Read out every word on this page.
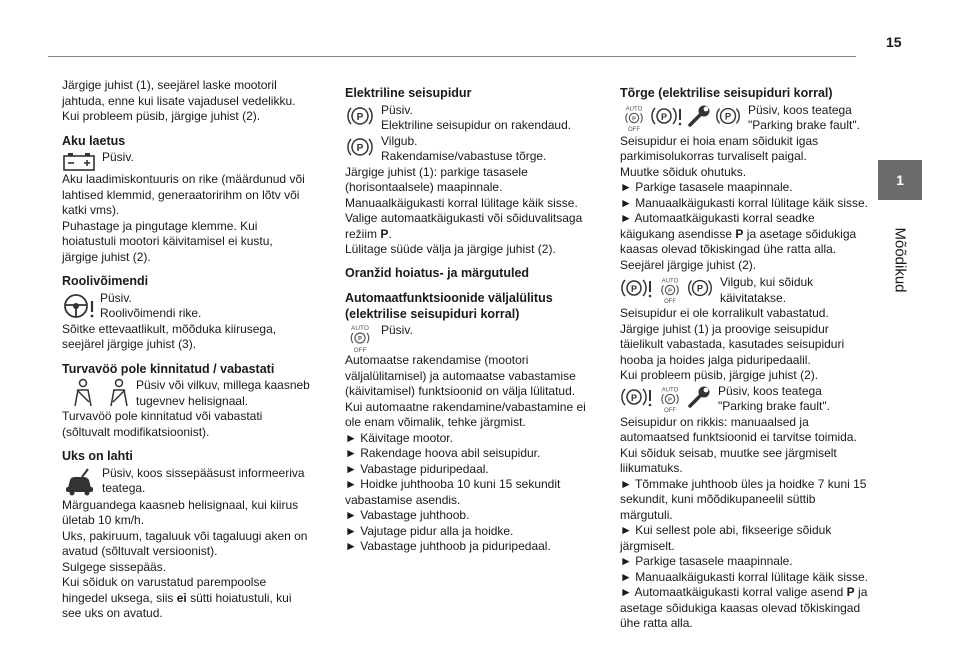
15
1
Mõõdikud

Järgige juhist (1), seejärel laske mootoril jahtuda, enne kui lisate vajadusel vedelikku. Kui probleem püsib, järgige juhist (2).

Aku laetus

Püsiv.

Aku laadimiskontuuris on rike (määrdunud või lahtised klemmid, generaatoririhm on lõtv või katki vms).

Puhastage ja pingutage klemme. Kui hoiatustuli mootori käivitamisel ei kustu, järgige juhist (2).

Roolivõimendi

Püsiv.

Roolivõimendi rike.

Sõitke ettevaatlikult, mõõduka kiirusega, seejärel järgige juhist (3).

Turvavöö pole kinnitatud / vabastati

Püsiv või vilkuv, millega kaasneb tugevnev helisignaal.

Turvavöö pole kinnitatud või vabastati (sõltuvalt modifikatsioonist).

Uks on lahti

Püsiv, koos sissepääsust informeeriva teatega.

Märguandega kaasneb helisignaal, kui kiirus ületab 10 km/h.

Uks, pakiruum, tagaluuk või tagaluugi aken on avatud (sõltuvalt versioonist).

Sulgege sissepääs.

Kui sõiduk on varustatud parempoolse hingedel uksega, siis ei sütti hoiatustuli, kui see uks on avatud.

Elektriline seisupidur
P

Püsiv.

Elektriline seisupidur on rakendaud.

P

Vilgub.

Rakendamise/vabastuse tõrge.

Järgige juhist (1): parkige tasasele (horisontaalsele) maapinnale.

Manuaalkäigukasti korral lülitage käik sisse. Valige automaatkäigukasti või sõiduvalitsaga režiim P.

Lülitage süüde välja ja järgige juhist (2).

Oranžid hoiatus- ja märgutuled
Automaatfunktsioonide väljalülitus (elektrilise seisupiduri korral)
AUTO
P
OFF

Püsiv.

Automaatse rakendamise (mootori väljalülitamisel) ja automaatse vabastamise (käivitamisel) funktsioonid on välja lülitatud.

Kui automaatne rakendamine/vabastamine ei ole enam võimalik, tehke järgmist.

► Käivitage mootor.
► Rakendage hoova abil seisupidur.
► Vabastage piduripedaal.
► Hoidke juhthooba 10 kuni 15 sekundit vabastamise asendis.
► Vabastage juhthoob.
► Vajutage pidur alla ja hoidke.
► Vabastage juhthoob ja piduripedaal.
Tõrge (elektrilise seisupiduri korral)
AUTO
P
OFF
P	P Püsiv, koos teatega "Parking brake fault".

Seisupidur ei hoia enam sõidukit igas parkimisolukorras turvaliselt paigal.

Muutke sõiduk ohutuks.

► Parkige tasasele maapinnale.
► Manuaalkäigukasti korral lülitage käik sisse.
► Automaatkäigukasti korral seadke käigukang asendisse P ja asetage sõidukiga kaasas olevad tõkiskingad ühe ratta alla.

Seejärel järgige juhist (2).

P
AUTO
P
OFF
P Vilgub, kui sõiduk käivitatakse.

Seisupidur ei ole korralikult vabastatud.

Järgige juhist (1) ja proovige seisupidur täielikult vabastada, kasutades seisupiduri hooba ja hoides jalga piduripedaalil.

Kui probleem püsib, järgige juhist (2).

P
AUTO
P
OFF

Püsiv, koos teatega "Parking brake fault".

Seisupidur on rikkis: manuaalsed ja automaatsed funktsioonid ei tarvitse toimida.

Kui sõiduk seisab, muutke see järgmiselt liikumatuks.

► Tõmmake juhthoob üles ja hoidke 7 kuni 15 sekundit, kuni mõõdikupaneelil süttib märgutuli.
► Kui sellest pole abi, fikseerige sõiduk järgmiselt.
► Parkige tasasele maapinnale.
► Manuaalkäigukasti korral lülitage käik sisse.
► Automaatkäigukasti korral valige asend P ja asetage sõidukiga kaasas olevad tõkiskingad ühe ratta alla.
